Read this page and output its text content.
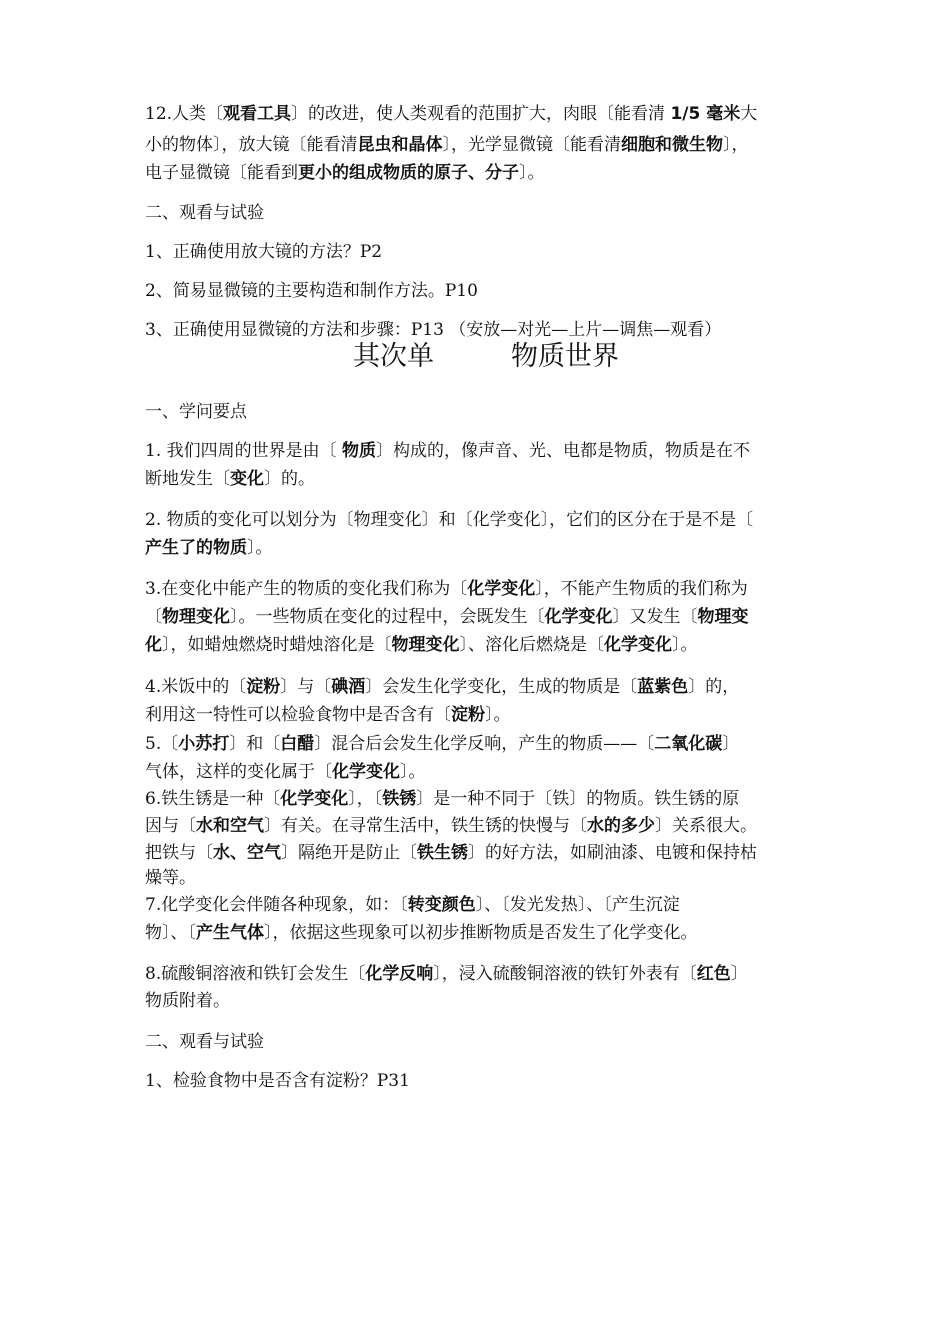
12.人类〔观看工具〕的改进，使人类观看的范围扩大，肉眼〔能看清 1/5 毫米大
小的物体〕，放大镜〔能看清昆虫和晶体〕，光学显微镜〔能看清细胞和微生物〕，
电子显微镜〔能看到更小的组成物质的原子、分子〕。
二、观看与试验
1、正确使用放大镜的方法？P2
2、简易显微镜的主要构造和制作方法。P10
3、正确使用显微镜的方法和步骤：P13 （安放—对光—上片—调焦—观看）
其次单	物质世界
一、学问要点
1. 我们四周的世界是由〔 物质〕构成的，像声音、光、电都是物质，物质是在不
断地发生〔变化〕的。
2. 物质的变化可以划分为〔物理变化〕和〔化学变化〕，它们的区分在于是不是〔
产生了的物质〕。
3.在变化中能产生的物质的变化我们称为〔化学变化〕，不能产生物质的我们称为
〔物理变化〕。一些物质在变化的过程中，会既发生〔化学变化〕又发生〔物理变
化〕，如蜡烛燃烧时蜡烛溶化是〔物理变化〕、溶化后燃烧是〔化学变化〕。
4.米饭中的〔淀粉〕与〔碘酒〕会发生化学变化，生成的物质是〔蓝紫色〕的，
利用这一特性可以检验食物中是否含有〔淀粉〕。
5.〔小苏打〕和〔白醋〕混合后会发生化学反响，产生的物质——〔二氧化碳〕
气体，这样的变化属于〔化学变化〕。
6.铁生锈是一种〔化学变化〕，〔铁锈〕是一种不同于〔铁〕的物质。铁生锈的原
因与〔水和空气〕有关。在寻常生活中，铁生锈的快慢与〔水的多少〕关系很大。
把铁与〔水、空气〕隔绝开是防止〔铁生锈〕的好方法，如刷油漆、电镀和保持枯
燥等。
7.化学变化会伴随各种现象，如：〔转变颜色〕、〔发光发热〕、〔产生沉淀
物〕、〔产生气体〕，依据这些现象可以初步推断物质是否发生了化学变化。
8.硫酸铜溶液和铁钉会发生〔化学反响〕，浸入硫酸铜溶液的铁钉外表有〔红色〕
物质附着。
二、观看与试验
1、检验食物中是否含有淀粉？P31
